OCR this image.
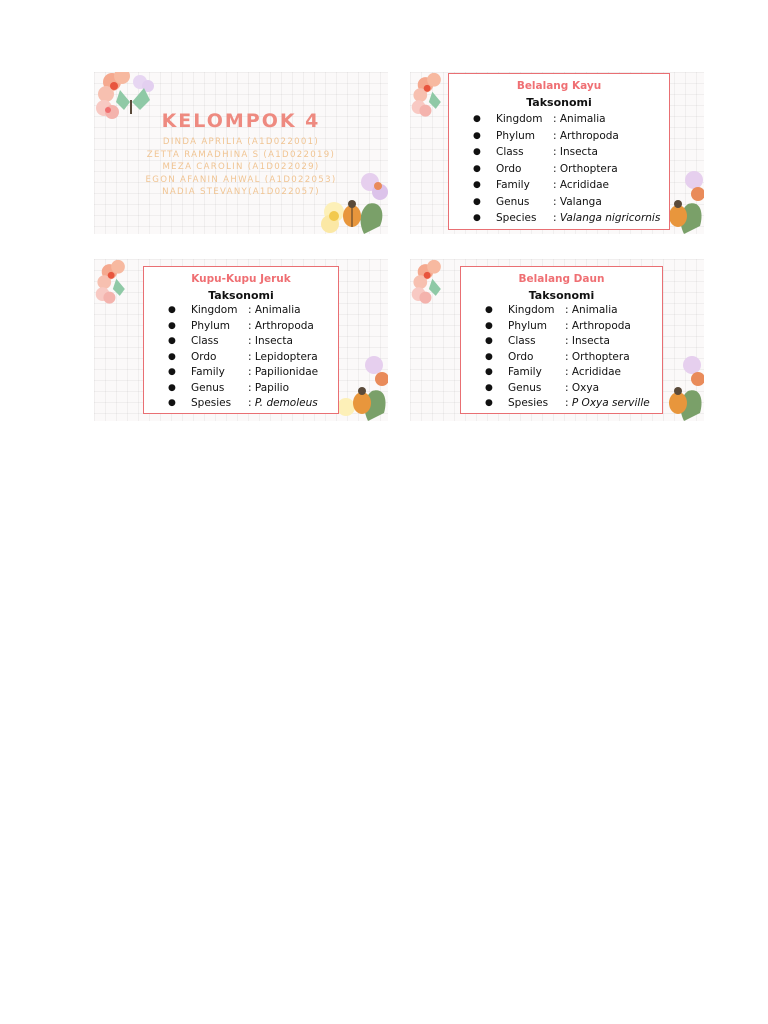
KELOMPOK 4
DINDA APRILIA (A1D022001)
ZETTA RAMADHINA S (A1D022019)
MEZA CAROLIN (A1D022029)
EGON AFANIN AHWAL (A1D022053)
NADIA STEVANY(A1D022057)
Belalang Kayu
Taksonomi
● Kingdom : Animalia
● Phylum : Arthropoda
● Class	: Insecta
● Ordo	: Orthoptera
● Family : Acrididae
● Genus : Valanga
● Species : Valanga nigricornis
Kupu-Kupu Jeruk
Taksonomi
● Kingdom : Animalia
● Phylum : Arthropoda
● Class	: Insecta
● Ordo	: Lepidoptera
● Family : Papilionidae
● Genus : Papilio
● Spesies : P. demoleus
Belalang Daun
Taksonomi
● Kingdom : Animalia
● Phylum : Arthropoda
● Class	: Insecta
● Ordo	: Orthoptera
● Family : Acrididae
● Genus : Oxya
● Spesies : P Oxya serville
